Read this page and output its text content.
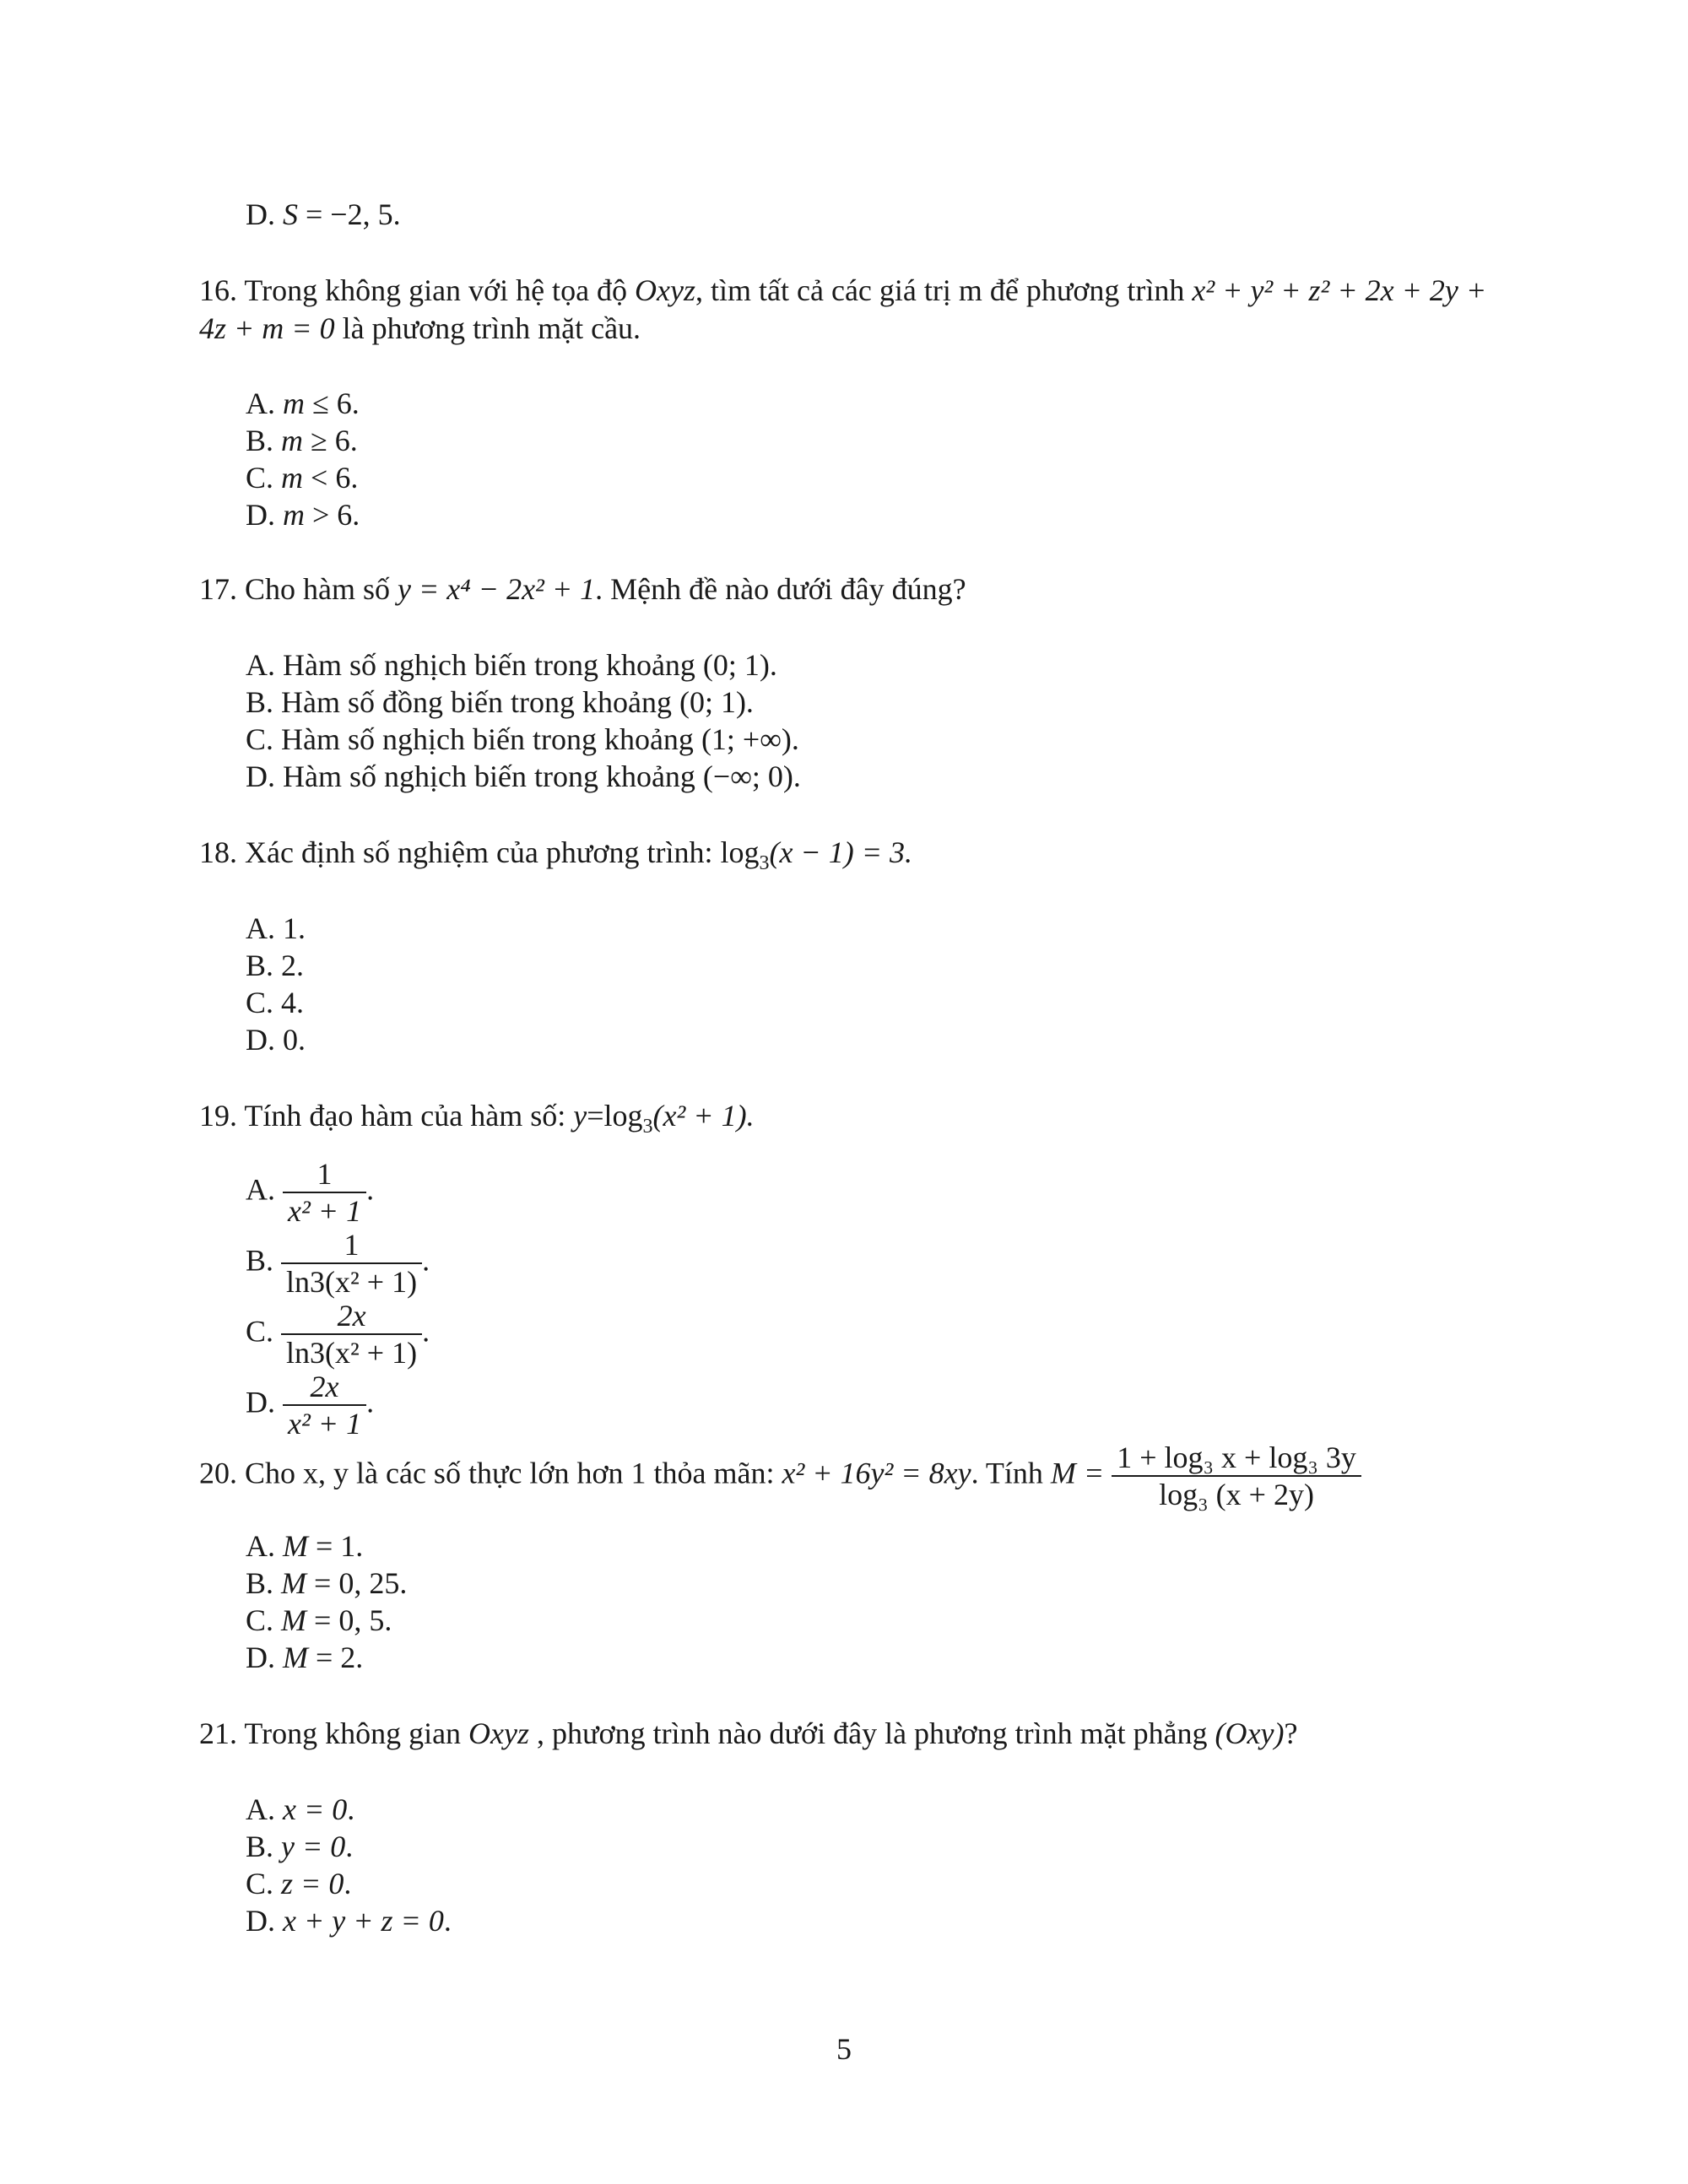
D. S = −2, 5.
16. Trong không gian với hệ tọa độ Oxyz, tìm tất cả các giá trị m để phương trình x² + y² + z² + 2x + 2y +
4z + m = 0 là phương trình mặt cầu.
A. m ≤ 6.
B. m ≥ 6.
C. m < 6.
D. m > 6.
17. Cho hàm số y = x⁴ − 2x² + 1. Mệnh đề nào dưới đây đúng?
A. Hàm số nghịch biến trong khoảng (0; 1).
B. Hàm số đồng biến trong khoảng (0; 1).
C. Hàm số nghịch biến trong khoảng (1; +∞).
D. Hàm số nghịch biến trong khoảng (−∞; 0).
18. Xác định số nghiệm của phương trình: $\log_3(x - 1) = 3$.
A. 1.
B. 2.
C. 4.
D. 0.
19. Tính đạo hàm của hàm số: $y=\log_3(x^2 + 1)$.
A. $\frac{1}{\text{x² + 1}}$ .
B. $\frac{1}{\text{ln3(x² + 1)}}$ .
C. $\frac{2x}{\text{ln3(x² + 1)}}$ .
D. $\frac{2x}{\text{x² + 1}}$ .
20. Cho x, y là các số thực lớn hơn 1 thỏa mãn: x² + 16y² = 8xy. Tính $M = \frac{\text{1 + log₃ x + log₃ 3y}}{\text{log₃ (x + 2y)}}$
A. M = 1.
B. M = 0, 25.
C. M = 0, 5.
D. M = 2.
21. Trong không gian Oxyz , phương trình nào dưới đây là phương trình mặt phẳng (Oxy)?
A. x = 0.
B. y = 0.
C. z = 0.
D. x + y + z = 0.
5
